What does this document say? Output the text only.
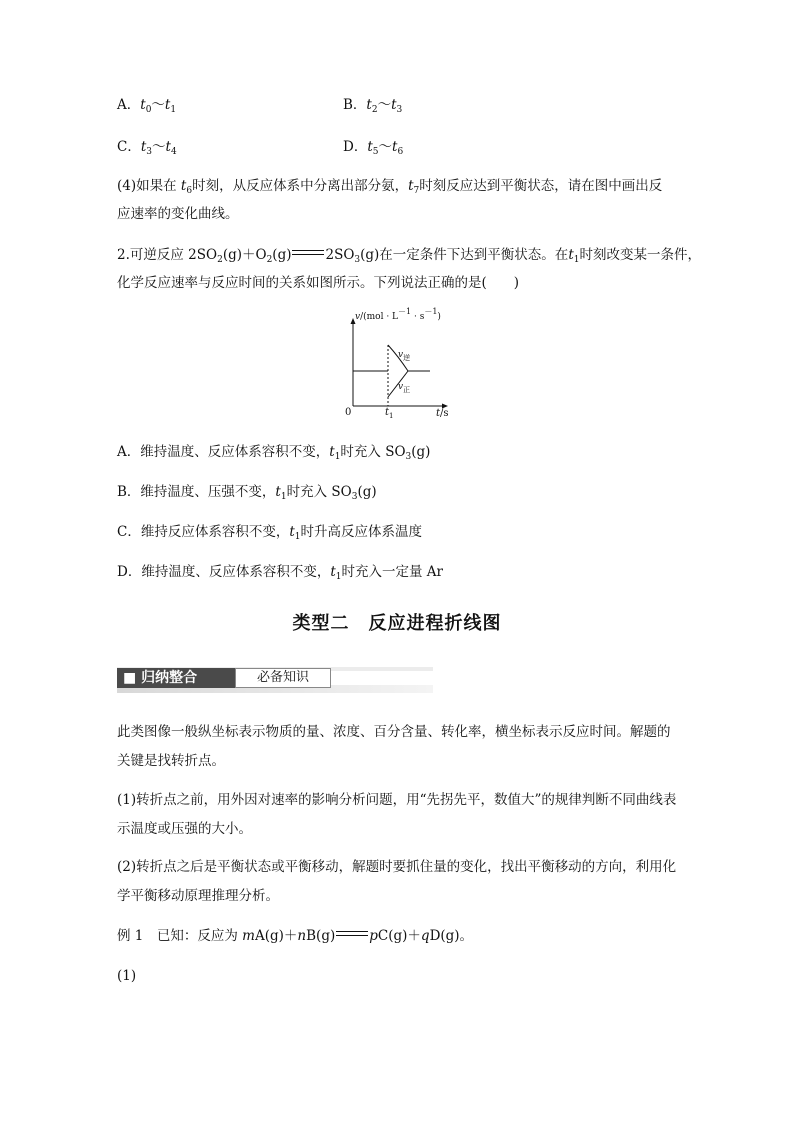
A．$t_0\sim t_1$	B．$t_2\sim t_3$
C．$t_3\sim t_4$	D．$t_5\sim t_6$
(4)如果在 $t_6$时刻，从反应体系中分离出部分氨，$t_7$时刻反应达到平衡状态，请在图中画出反
应速率的变化曲线。
2.可逆反应 $2SO_2(g)+O_2(g)$	$2SO_3(g)$在一定条件下达到平衡状态。在$t_1$时刻改变某一条件，
化学反应速率与反应时间的关系如图所示。下列说法正确的是(　　)
$v/(mol \cdot L^{-1} \cdot s^{-1})$
$v_逆$
$v_正$
0	$t_1$	t/s
A．维持温度、反应体系容积不变，$t_1$时充入 $SO_3(g)$
B．维持温度、压强不变，$t_1$时充入 $SO_3(g)$
C．维持反应体系容积不变，$t_1$时升高反应体系温度
D．维持温度、反应体系容积不变，$t_1$时充入一定量 Ar
类型二　反应进程折线图
■ 归纳整合	必备知识
此类图像一般纵坐标表示物质的量、浓度、百分含量、转化率，横坐标表示反应时间。解题的关键是找转折点。
(1)转折点之前，用外因对速率的影响分析问题，用“先拐先平，数值大”的规律判断不同曲线表示温度或压强的大小。
(2)转折点之后是平衡状态或平衡移动，解题时要抓住量的变化，找出平衡移动的方向，利用化学平衡移动原理推理分析。
例 1　已知：反应为 mA(g)＋nB(g)	pC(g)＋qD(g)。
(1)
